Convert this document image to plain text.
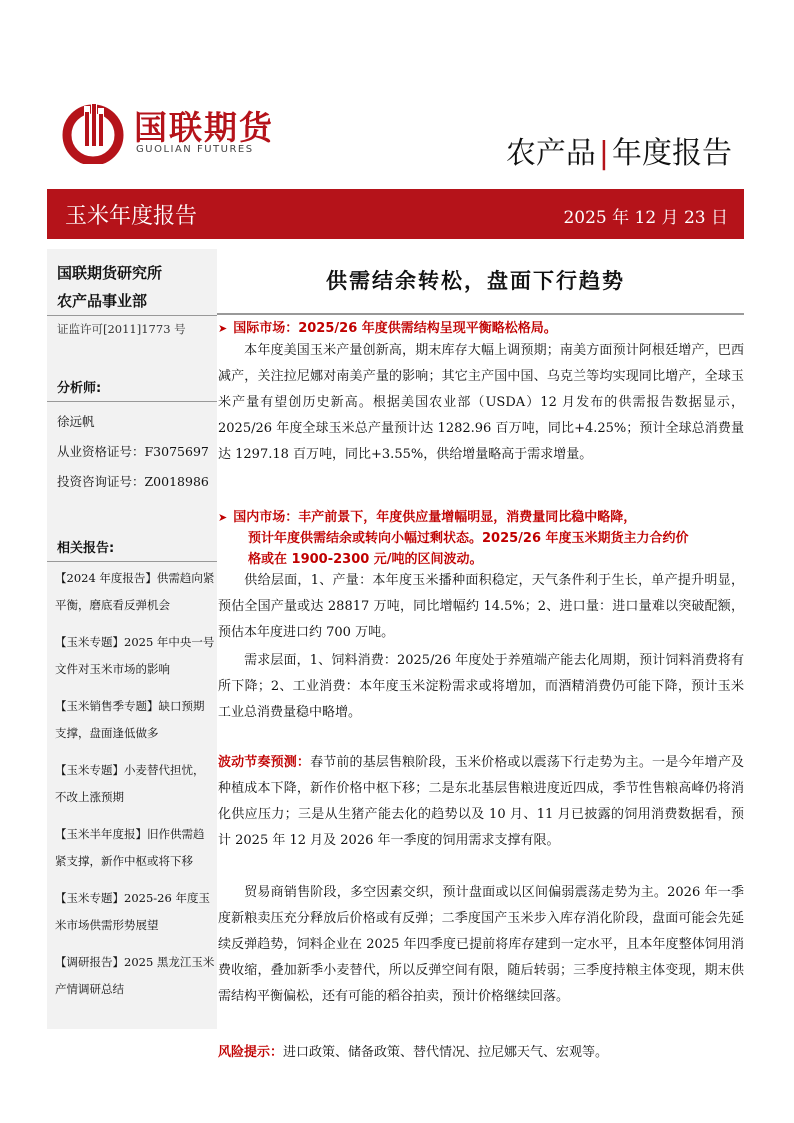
国联期货
GUOLIAN FUTURES	农产品 | 年度报告
玉米年度报告	2025 年 12 月 23 日
国联期货研究所
农产品事业部
证监许可[2011]1773 号
分析师:
徐远帆
从业资格证号：F3075697
投资咨询证号：Z0018986
相关报告:
【2024 年度报告】供需趋向紧平衡，磨底看反弹机会
【玉米专题】2025 年中央一号文件对玉米市场的影响
【玉米销售季专题】缺口预期支撑，盘面逢低做多
【玉米专题】小麦替代担忧，不改上涨预期
【玉米半年度报】旧作供需趋紧支撑，新作中枢或将下移
【玉米专题】2025-26 年度玉米市场供需形势展望
【调研报告】2025 黑龙江玉米产情调研总结
供需结余转松，盘面下行趋势
➤ 国际市场：2025/26 年度供需结构呈现平衡略松格局。
本年度美国玉米产量创新高，期末库存大幅上调预期；南美方面预计阿根廷增产，巴西减产，关注拉尼娜对南美产量的影响；其它主产国中国、乌克兰等均实现同比增产，全球玉米产量有望创历史新高。根据美国农业部（USDA）12 月发布的供需报告数据显示，2025/26 年度全球玉米总产量预计达 1282.96 百万吨，同比+4.25%；预计全球总消费量达 1297.18 百万吨，同比+3.55%，供给增量略高于需求增量。
➤ 国内市场：丰产前景下，年度供应量增幅明显，消费量同比稳中略降，
预计年度供需结余或转向小幅过剩状态。2025/26 年度玉米期货主力合约价
格或在 1900-2300 元/吨的区间波动。
供给层面，1、产量：本年度玉米播种面积稳定，天气条件利于生长，单产提升明显，预估全国产量或达 28817 万吨，同比增幅约 14.5%；2、进口量：进口量难以突破配额，预估本年度进口约 700 万吨。
需求层面，1、饲料消费：2025/26 年度处于养殖端产能去化周期，预计饲料消费将有所下降；2、工业消费：本年度玉米淀粉需求或将增加，而酒精消费仍可能下降，预计玉米工业总消费量稳中略增。
波动节奏预测：春节前的基层售粮阶段，玉米价格或以震荡下行走势为主。一是今年增产及种植成本下降，新作价格中枢下移；二是东北基层售粮进度近四成，季节性售粮高峰仍将消化供应压力；三是从生猪产能去化的趋势以及 10 月、11 月已披露的饲用消费数据看，预计 2025 年 12 月及 2026 年一季度的饲用需求支撑有限。
贸易商销售阶段，多空因素交织，预计盘面或以区间偏弱震荡走势为主。2026 年一季度新粮卖压充分释放后价格或有反弹；二季度国产玉米步入库存消化阶段，盘面可能会先延续反弹趋势，饲料企业在 2025 年四季度已提前将库存建到一定水平，且本年度整体饲用消费收缩，叠加新季小麦替代，所以反弹空间有限，随后转弱；三季度持粮主体变现，期末供需结构平衡偏松，还有可能的稻谷拍卖，预计价格继续回落。
风险提示：进口政策、储备政策、替代情况、拉尼娜天气、宏观等。
